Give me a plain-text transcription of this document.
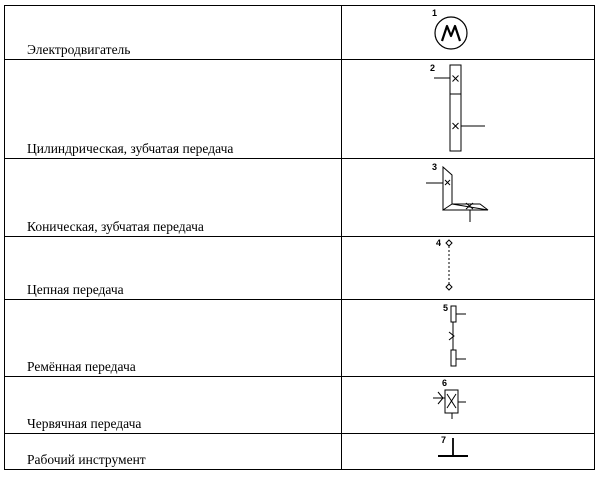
Электродвигатель	1

Цилиндрическая, зубчатая передача	2

Коническая, зубчатая передача	3

Цепная передача	4

Ремённая передача	5

Червячная передача	6

Рабочий инструмент	7
